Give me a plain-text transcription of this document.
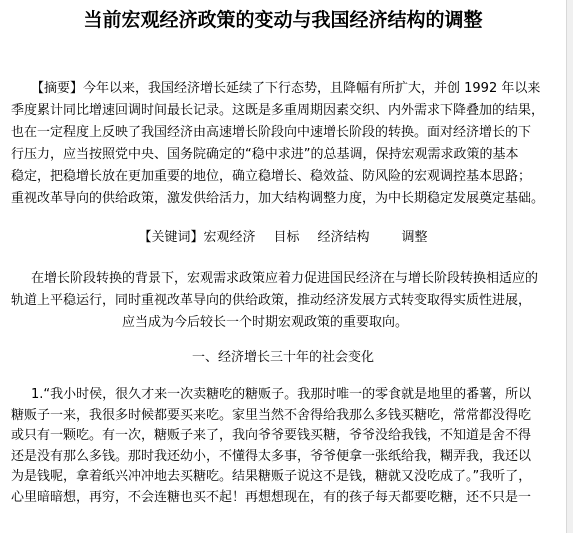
当前宏观经济政策的变动与我国经济结构的调整
【摘要】今年以来，我国经济增长延续了下行态势，且降幅有所扩大，并创 1992 年以来
季度累计同比增速回调时间最长记录。这既是多重周期因素交织、内外需求下降叠加的结果，
也在一定程度上反映了我国经济由高速增长阶段向中速增长阶段的转换。面对经济增长的下
行压力，应当按照党中央、国务院确定的“稳中求进”的总基调，保持宏观需求政策的基本
稳定，把稳增长放在更加重要的地位，确立稳增长、稳效益、防风险的宏观调控基本思路；
重视改革导向的供给政策，激发供给活力，加大结构调整力度，为中长期稳定发展奠定基础。
【关键词】宏观经济 目标 经济结构 调整
在增长阶段转换的背景下，宏观需求政策应着力促进国民经济在与增长阶段转换相适应的
轨道上平稳运行，同时重视改革导向的供给政策，推动经济发展方式转变取得实质性进展，
应当成为今后较长一个时期宏观政策的重要取向。
一、经济增长三十年的社会变化
1.“我小时侯，很久才来一次卖糖吃的糖贩子。我那时唯一的零食就是地里的番薯，所以
糖贩子一来，我很多时候都要买来吃。家里当然不舍得给我那么多钱买糖吃，常常都没得吃
或只有一颗吃。有一次，糖贩子来了，我向爷爷要钱买糖，爷爷没给我钱，不知道是舍不得
还是没有那么多钱。那时我还幼小，不懂得太多事，爷爷便拿一张纸给我，糊弄我，我还以
为是钱呢，拿着纸兴冲冲地去买糖吃。结果糖贩子说这不是钱，糖就又没吃成了。”我听了，
心里暗暗想，再穷，不会连糖也买不起！再想想现在，有的孩子每天都要吃糖，还不只是一
